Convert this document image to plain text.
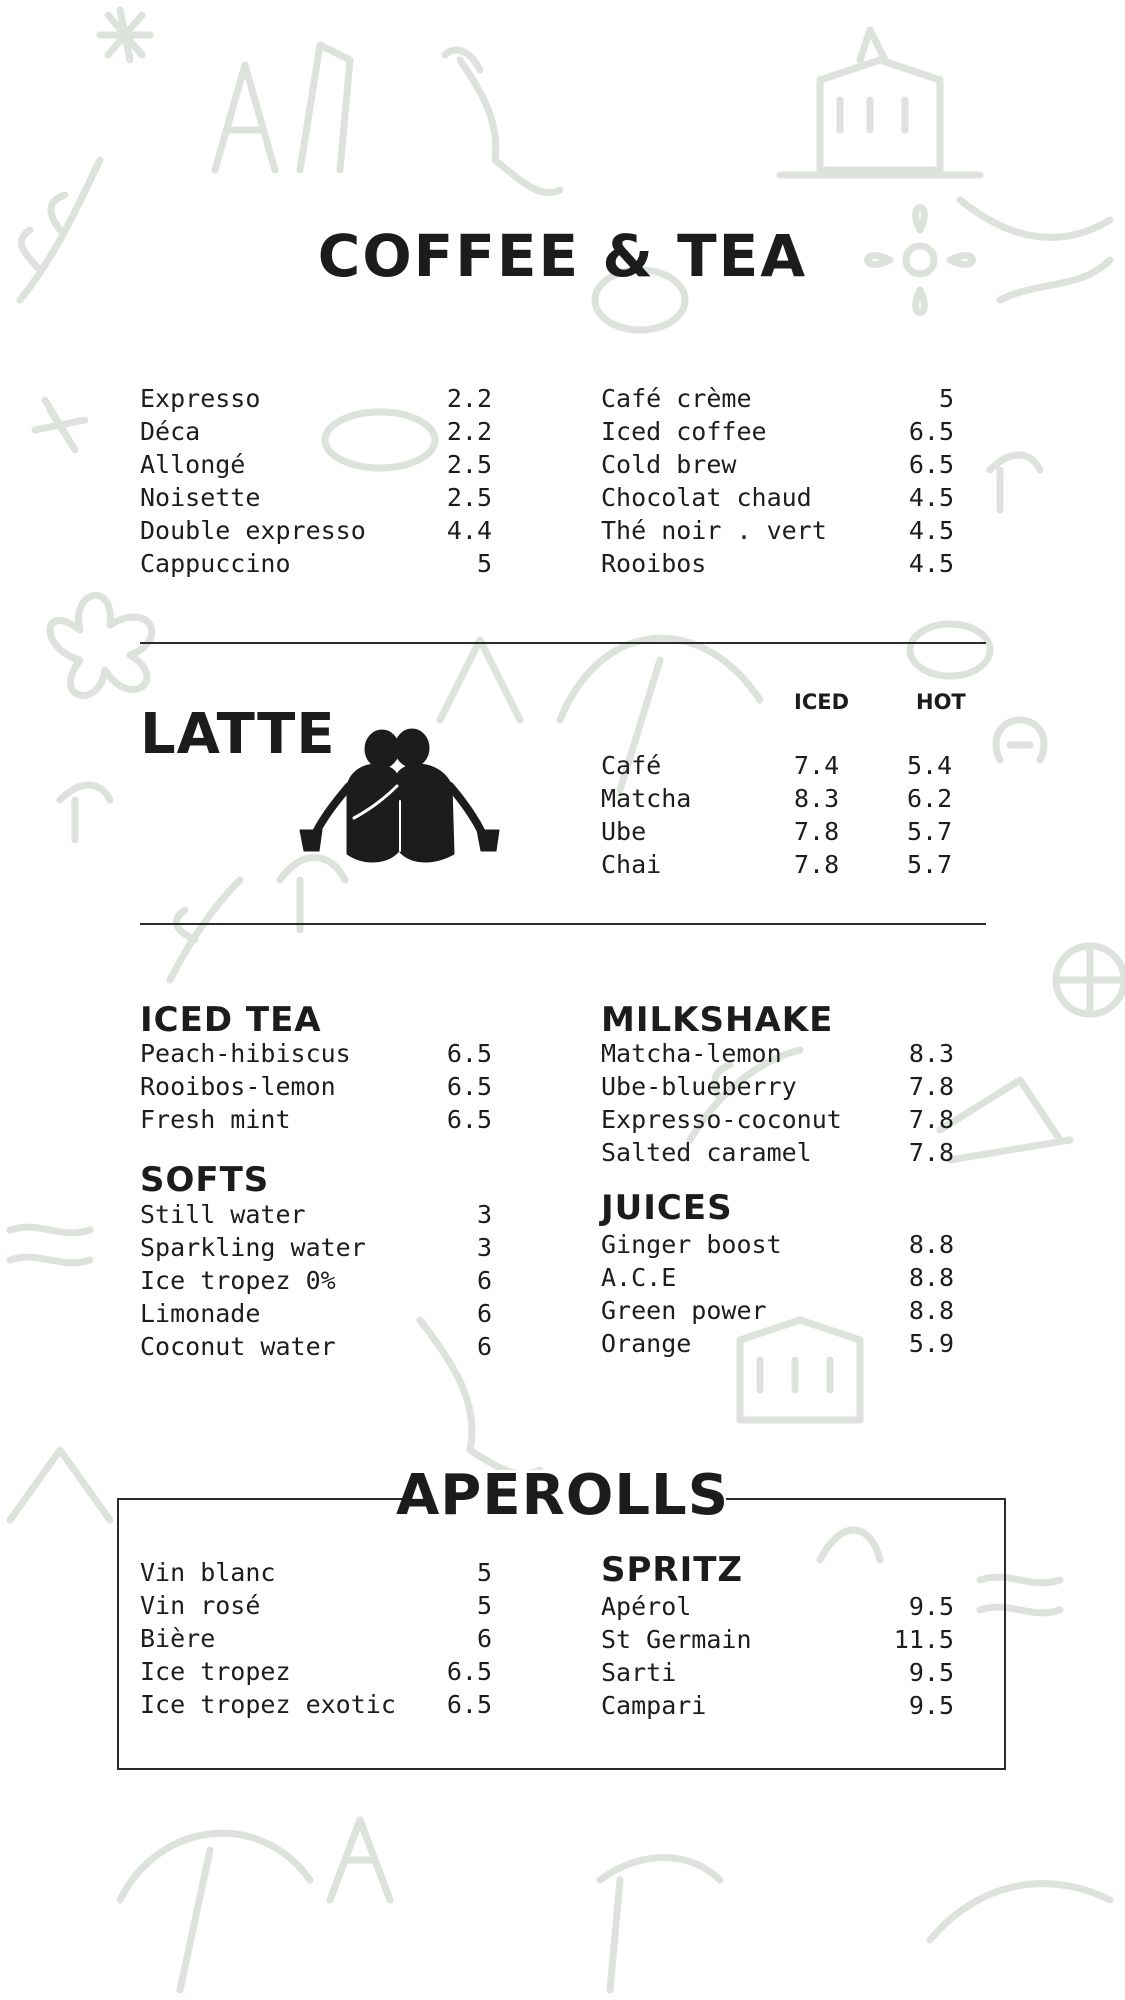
COFFEE & TEA
Expresso	2.2
Déca	2.2
Allongé	2.5
Noisette	2.5
Double expresso	4.4
Cappuccino	5
Café crème	5
Iced coffee	6.5
Cold brew	6.5
Chocolat chaud	4.5
Thé noir . vert	4.5
Rooibos	4.5
LATTE	ICED	HOT
Café	7.4	5.4
Matcha	8.3	6.2
Ube	7.8	5.7
Chai	7.8	5.7
ICED TEA
Peach-hibiscus	6.5
Rooibos-lemon	6.5
Fresh mint	6.5
SOFTS
Still water	3
Sparkling water	3
Ice tropez 0%	6
Limonade	6
Coconut water	6
MILKSHAKE
Matcha-lemon	8.3
Ube-blueberry	7.8
Expresso-coconut	7.8
Salted caramel	7.8
JUICES
Ginger boost	8.8
A.C.E	8.8
Green power	8.8
Orange	5.9
APEROLLS
Vin blanc	5
Vin rosé	5
Bière	6
Ice tropez	6.5
Ice tropez exotic 6.5
SPRITZ
Apérol	9.5
St Germain	11.5
Sarti	9.5
Campari	9.5
